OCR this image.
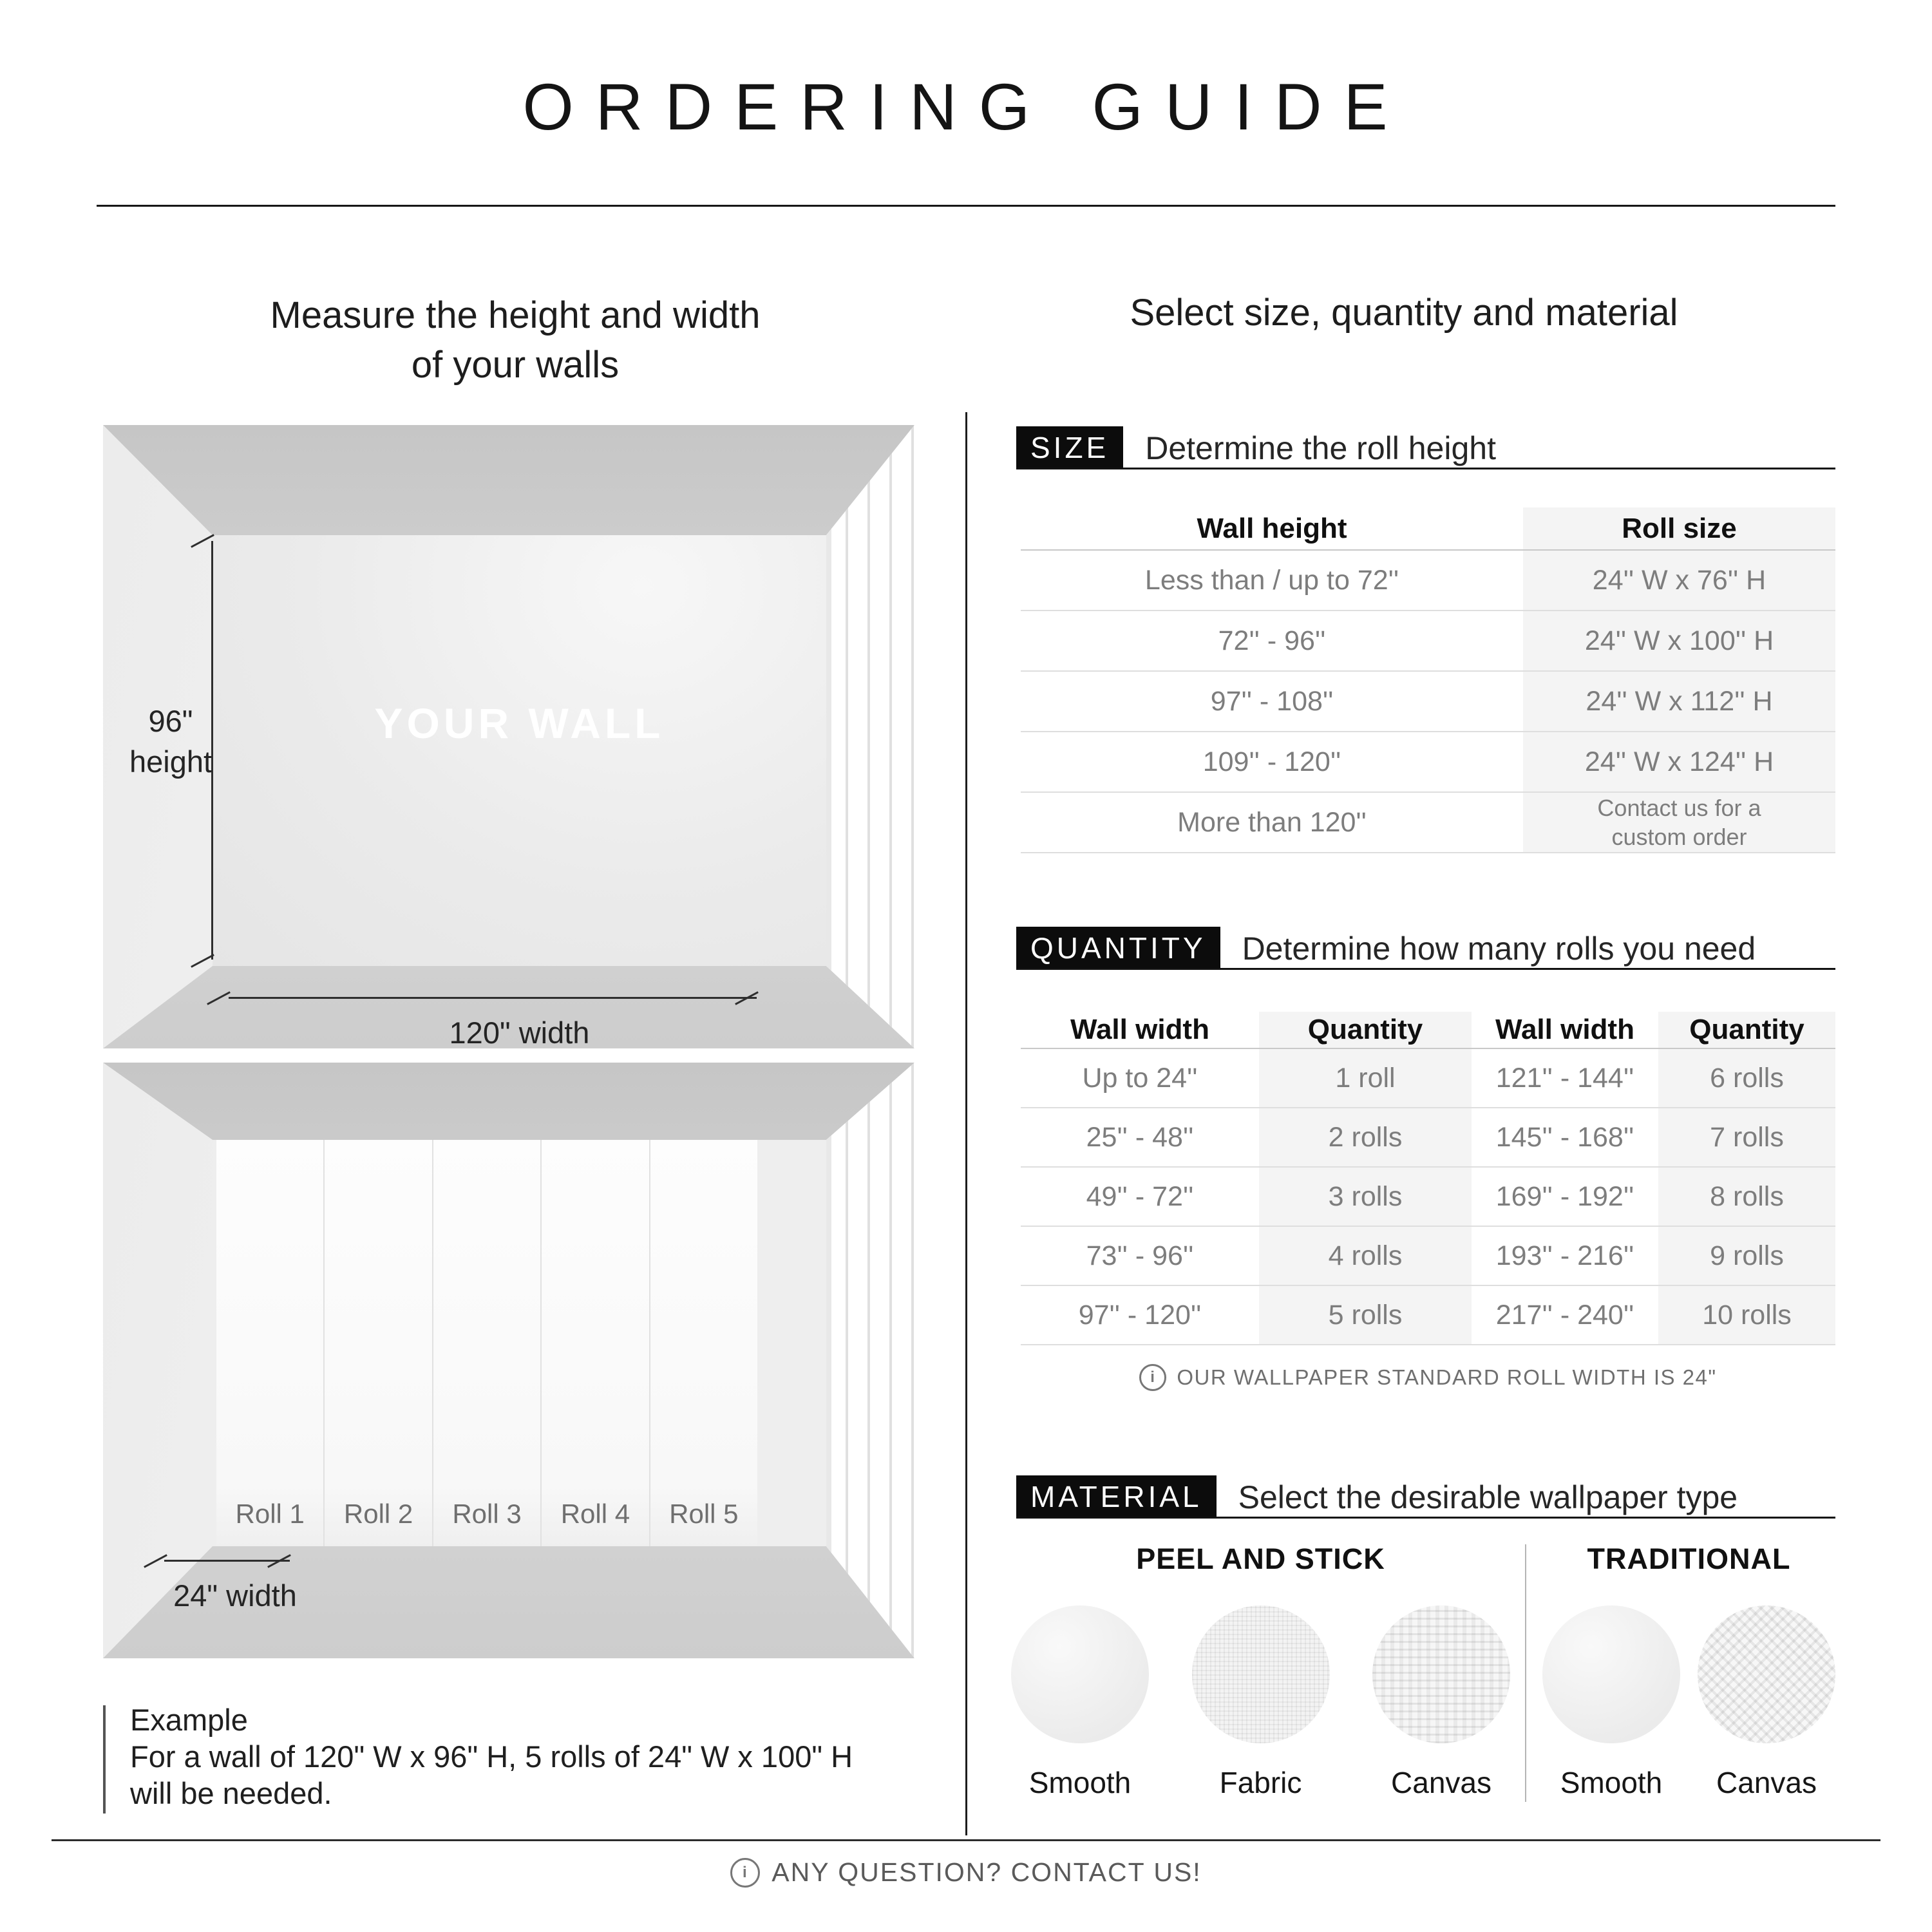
ORDERING GUIDE
Measure the height and width
of your walls
Select size, quantity and material
YOUR WALL
96"
height
120" width
Roll 1	Roll 2	Roll 3	Roll 4	Roll 5
24" width
Example
For a wall of 120" W x 96" H, 5 rolls of 24" W x 100" H
will be needed.
SIZE	Determine the roll height
Wall height	Roll size
Less than / up to 72''	24'' W x 76'' H
72'' - 96''	24'' W x 100'' H
97'' - 108''	24'' W x 112'' H
109'' - 120''	24'' W x 124'' H
More than 120''	Contact us for a custom order
QUANTITY	Determine how many rolls you need
Wall width	Quantity	Wall width	Quantity
Up to 24''	1 roll	121'' - 144''	6 rolls
25'' - 48''	2 rolls	145'' - 168''	7 rolls
49'' - 72''	3 rolls	169'' - 192''	8 rolls
73'' - 96''	4 rolls	193'' - 216''	9 rolls
97'' - 120''	5 rolls	217'' - 240''	10 rolls
i
OUR WALLPAPER STANDARD ROLL WIDTH IS 24"
MATERIAL	Select the desirable wallpaper type
PEEL AND STICK
Smooth	Fabric	Canvas
TRADITIONAL
Smooth	Canvas
i
ANY QUESTION? CONTACT US!
